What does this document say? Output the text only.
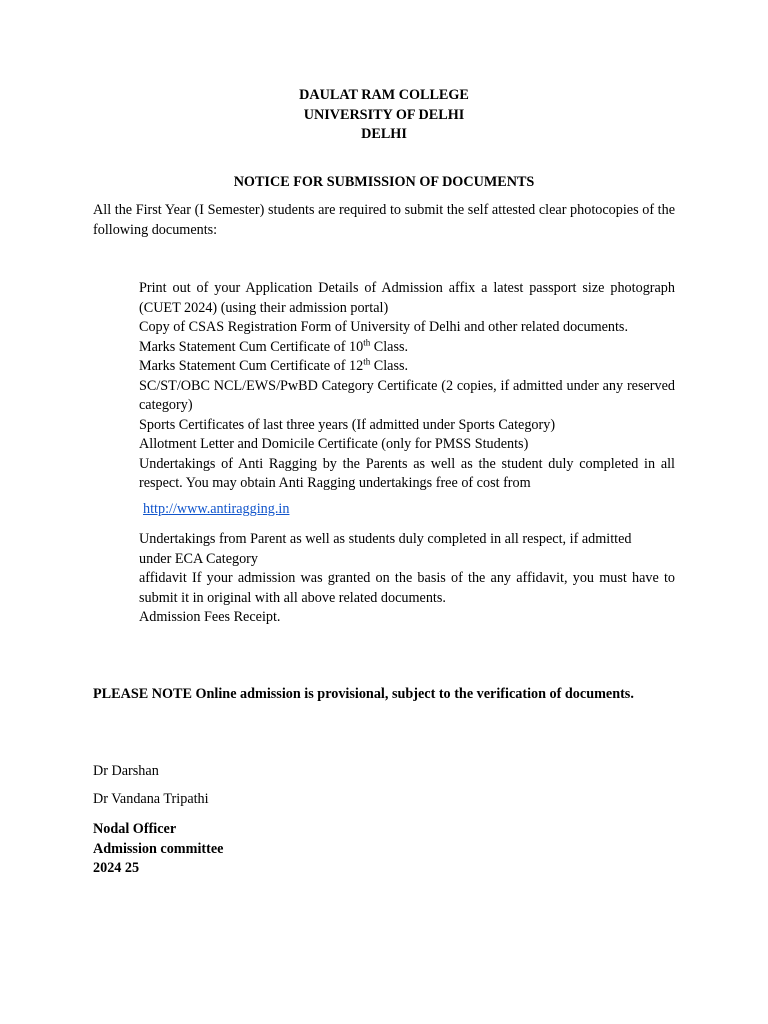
DAULAT RAM COLLEGE
UNIVERSITY OF DELHI
DELHI
NOTICE FOR SUBMISSION OF DOCUMENTS
All the First Year (I Semester) students are required to submit the self attested clear photocopies of the following documents:
Print out of your Application Details of Admission affix a latest passport size photograph (CUET 2024) (using their admission portal)
Copy of CSAS Registration Form of University of Delhi and other related documents.
Marks Statement Cum Certificate of 10th Class.
Marks Statement Cum Certificate of 12th Class.
SC/ST/OBC NCL/EWS/PwBD Category Certificate (2 copies, if admitted under any reserved category)
Sports Certificates of last three years (If admitted under Sports Category)
Allotment Letter and Domicile Certificate (only for PMSS Students)
Undertakings of Anti Ragging by the Parents as well as the student duly completed in all respect. You may obtain Anti Ragging undertakings free of cost from
http://www.antiragging.in
Undertakings from Parent as well as students duly completed in all respect, if admitted
under ECA Category
affidavit If your admission was granted on the basis of the any affidavit, you must have to submit it in original with all above related documents.
Admission Fees Receipt.
PLEASE NOTE Online admission is provisional, subject to the verification of documents.
Dr Darshan
Dr Vandana Tripathi
Nodal Officer
Admission committee
2024 25
